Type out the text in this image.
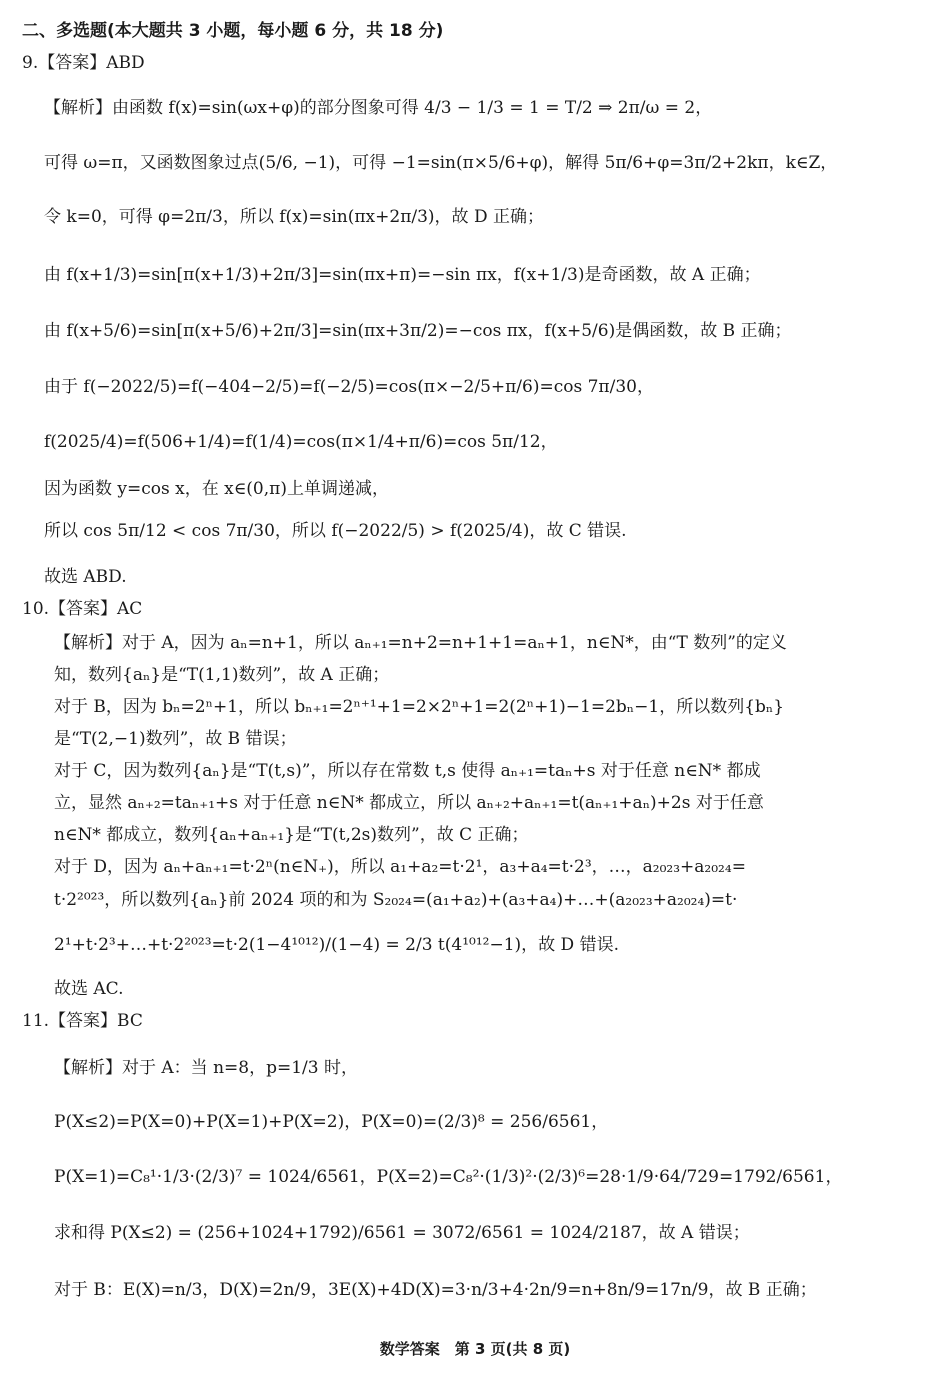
二、多选题(本大题共 3 小题，每小题 6 分，共 18 分)
9.【答案】ABD
【解析】由函数 f(x)=sin(ωx+φ)的部分图象可得 4/3 − 1/3 = 1 = T/2 ⇒ 2π/ω = 2，
可得 ω=π，又函数图象过点(5/6, −1)，可得 −1=sin(π×5/6+φ)，解得 5π/6+φ=3π/2+2kπ，k∈Z，
令 k=0，可得 φ=2π/3，所以 f(x)=sin(πx+2π/3)，故 D 正确；
由 f(x+1/3)=sin[π(x+1/3)+2π/3]=sin(πx+π)=−sin πx，f(x+1/3)是奇函数，故 A 正确；
由 f(x+5/6)=sin[π(x+5/6)+2π/3]=sin(πx+3π/2)=−cos πx，f(x+5/6)是偶函数，故 B 正确；
由于 f(−2022/5)=f(−404−2/5)=f(−2/5)=cos(π×−2/5+π/6)=cos 7π/30，
f(2025/4)=f(506+1/4)=f(1/4)=cos(π×1/4+π/6)=cos 5π/12，
因为函数 y=cos x，在 x∈(0,π)上单调递减，
所以 cos 5π/12 < cos 7π/30，所以 f(−2022/5) > f(2025/4)，故 C 错误.
故选 ABD.
10.【答案】AC
【解析】对于 A，因为 aₙ=n+1，所以 aₙ₊₁=n+2=n+1+1=aₙ+1，n∈N*，由“T 数列”的定义
知，数列{aₙ}是“T(1,1)数列”，故 A 正确；
对于 B，因为 bₙ=2ⁿ+1，所以 bₙ₊₁=2ⁿ⁺¹+1=2×2ⁿ+1=2(2ⁿ+1)−1=2bₙ−1，所以数列{bₙ}
是“T(2,−1)数列”，故 B 错误；
对于 C，因为数列{aₙ}是“T(t,s)”，所以存在常数 t,s 使得 aₙ₊₁=taₙ+s 对于任意 n∈N* 都成
立，显然 aₙ₊₂=taₙ₊₁+s 对于任意 n∈N* 都成立，所以 aₙ₊₂+aₙ₊₁=t(aₙ₊₁+aₙ)+2s 对于任意
n∈N* 都成立，数列{aₙ+aₙ₊₁}是“T(t,2s)数列”，故 C 正确；
对于 D，因为 aₙ+aₙ₊₁=t·2ⁿ(n∈N₊)，所以 a₁+a₂=t·2¹，a₃+a₄=t·2³，…，a₂₀₂₃+a₂₀₂₄=
t·2²⁰²³，所以数列{aₙ}前 2024 项的和为 S₂₀₂₄=(a₁+a₂)+(a₃+a₄)+…+(a₂₀₂₃+a₂₀₂₄)=t·
2¹+t·2³+…+t·2²⁰²³=t·2(1−4¹⁰¹²)/(1−4) = 2/3 t(4¹⁰¹²−1)，故 D 错误.
故选 AC.
11.【答案】BC
【解析】对于 A：当 n=8，p=1/3 时，
P(X≤2)=P(X=0)+P(X=1)+P(X=2)，P(X=0)=(2/3)⁸ = 256/6561，
P(X=1)=C₈¹·1/3·(2/3)⁷ = 1024/6561，P(X=2)=C₈²·(1/3)²·(2/3)⁶=28·1/9·64/729=1792/6561，
求和得 P(X≤2) = (256+1024+1792)/6561 = 3072/6561 = 1024/2187，故 A 错误；
对于 B：E(X)=n/3，D(X)=2n/9，3E(X)+4D(X)=3·n/3+4·2n/9=n+8n/9=17n/9，故 B 正确；
数学答案　第 3 页(共 8 页)
